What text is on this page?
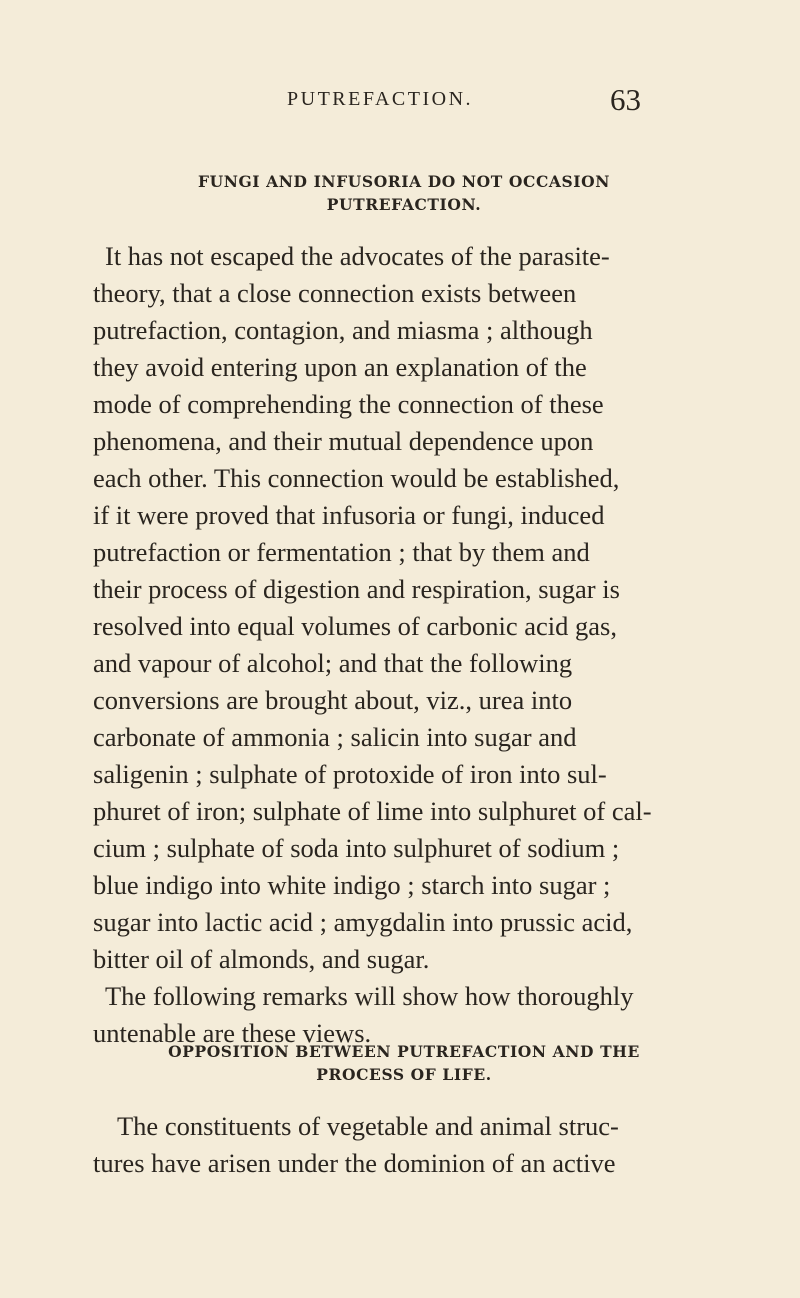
PUTREFACTION.	63
FUNGI AND INFUSORIA DO NOT OCCASION
PUTREFACTION.
It has not escaped the advocates of the parasite-
theory, that a close connection exists between
putrefaction, contagion, and miasma ; although
they avoid entering upon an explanation of the
mode of comprehending the connection of these
phenomena, and their mutual dependence upon
each other. This connection would be established,
if it were proved that infusoria or fungi, induced
putrefaction or fermentation ; that by them and
their process of digestion and respiration, sugar is
resolved into equal volumes of carbonic acid gas,
and vapour of alcohol; and that the following
conversions are brought about, viz., urea into
carbonate of ammonia ; salicin into sugar and
saligenin ; sulphate of protoxide of iron into sul-
phuret of iron; sulphate of lime into sulphuret of cal-
cium ; sulphate of soda into sulphuret of sodium ;
blue indigo into white indigo ; starch into sugar ;
sugar into lactic acid ; amygdalin into prussic acid,
bitter oil of almonds, and sugar.
The following remarks will show how thoroughly
untenable are these views.
OPPOSITION BETWEEN PUTREFACTION AND THE
PROCESS OF LIFE.
The constituents of vegetable and animal struc-
tures have arisen under the dominion of an active
